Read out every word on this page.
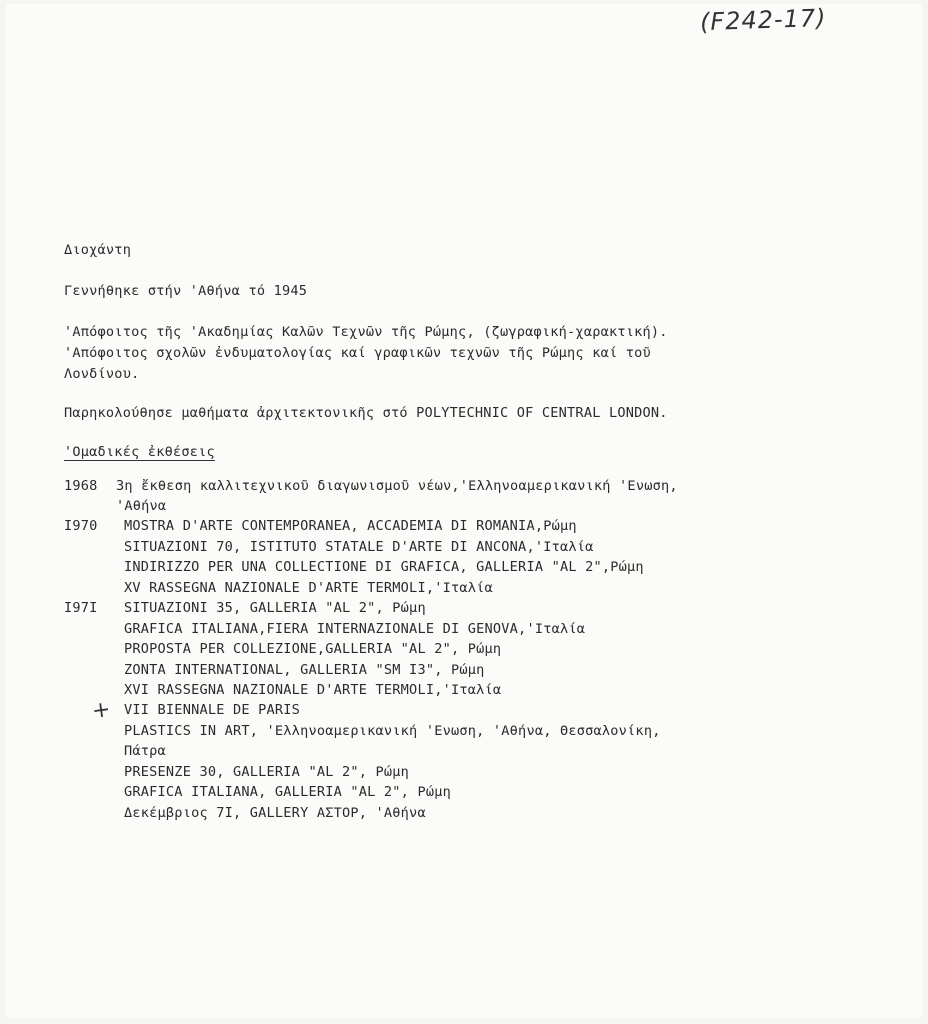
(F242-17)
Διοχάντη
Γεννήθηκε στήν 'Αθήνα τό 1945
'Απόφοιτος τῆς 'Ακαδημίας Καλῶν Τεχνῶν τῆς Ρώμης, (ζωγραφική-χαρακτική).
'Απόφοιτος σχολῶν ἐνδυματολογίας καί γραφικῶν τεχνῶν τῆς Ρώμης καί τοῦ
Λονδίνου.
Παρηκολούθησε μαθήματα ἀρχιτεκτονικῆς στό POLYTECHNIC OF CENTRAL LONDON.
'Ομαδικές ἐκθέσεις
1968 3η ἔκθεση καλλιτεχνικοῦ διαγωνισμοῦ νέων,'Ελληνοαμερικανική 'Ενωση,
'Αθήνα
I970 MOSTRA D'ARTE CONTEMPORANEA, ACCADEMIA DI ROMANIA,Ρώμη
SITUAZIONI 70, ISTITUTO STATALE D'ARTE DI ANCONA,'Ιταλία
INDIRIZZO PER UNA COLLECTIONE DI GRAFICA, GALLERIA "AL 2",Ρώμη
XV RASSEGNA NAZIONALE D'ARTE TERMOLI,'Ιταλία
I97I SITUAZIONI 35, GALLERIA "AL 2", Ρώμη
GRAFICA ITALIANA,FIERA INTERNAZIONALE DI GENOVA,'Ιταλία
PROPOSTA PER COLLEZIONE,GALLERIA "AL 2", Ρώμη
ZONTA INTERNATIONAL, GALLERIA "SM I3", Ρώμη
XVI RASSEGNA NAZIONALE D'ARTE TERMOLI,'Ιταλία
VII BIENNALE DE PARIS
PLASTICS IN ART, 'Ελληνοαμερικανική 'Ενωση, 'Αθήνα, Θεσσαλονίκη,
Πάτρα
PRESENZE 30, GALLERIA "AL 2", Ρώμη
GRAFICA ITALIANA, GALLERIA "AL 2", Ρώμη
Δεκέμβριος 7I, GALLERY ΑΣΤΟΡ, 'Αθήνα
+
